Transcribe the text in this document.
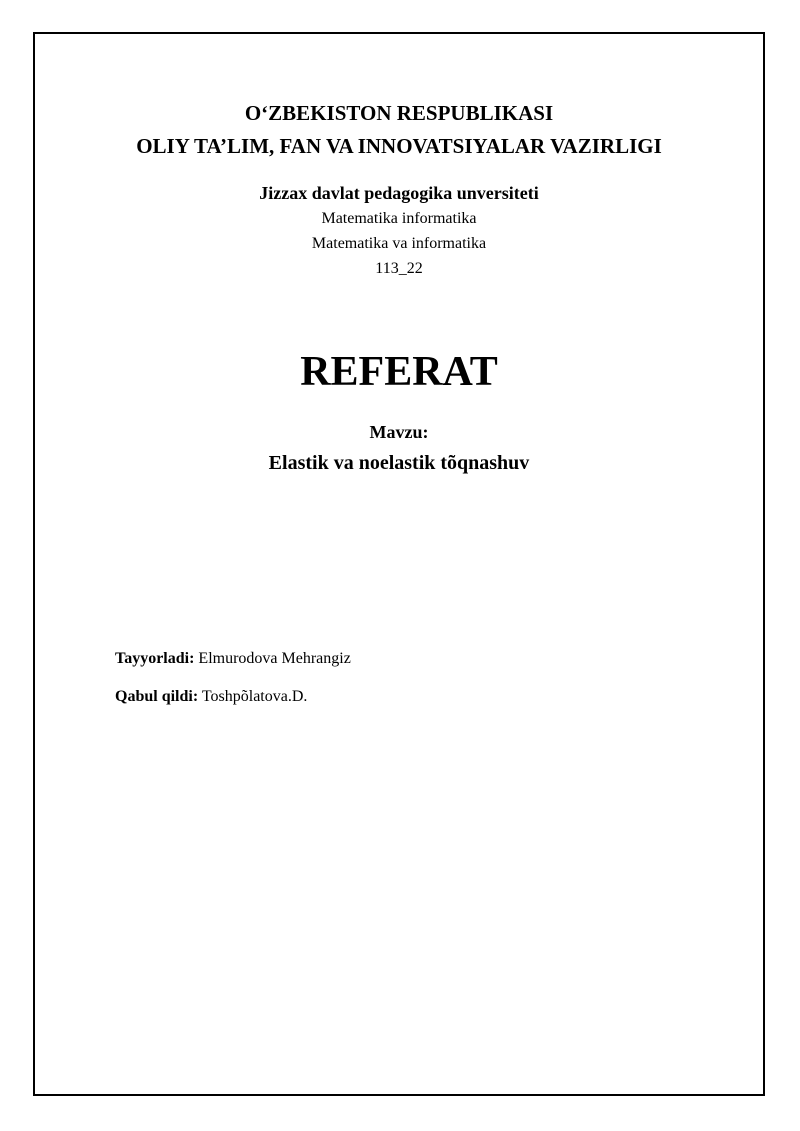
O‘ZBEKISTON RESPUBLIKASI
OLIY TA’LIM, FAN VA INNOVATSIYALAR VAZIRLIGI
Jizzax davlat pedagogika unversiteti
Matematika informatika
Matematika va informatika
113_22
REFERAT
Mavzu:
Elastik va noelastik tõqnashuv
Tayyorladi: Elmurodova Mehrangiz
Qabul qildi: Toshpõlatova.D.
